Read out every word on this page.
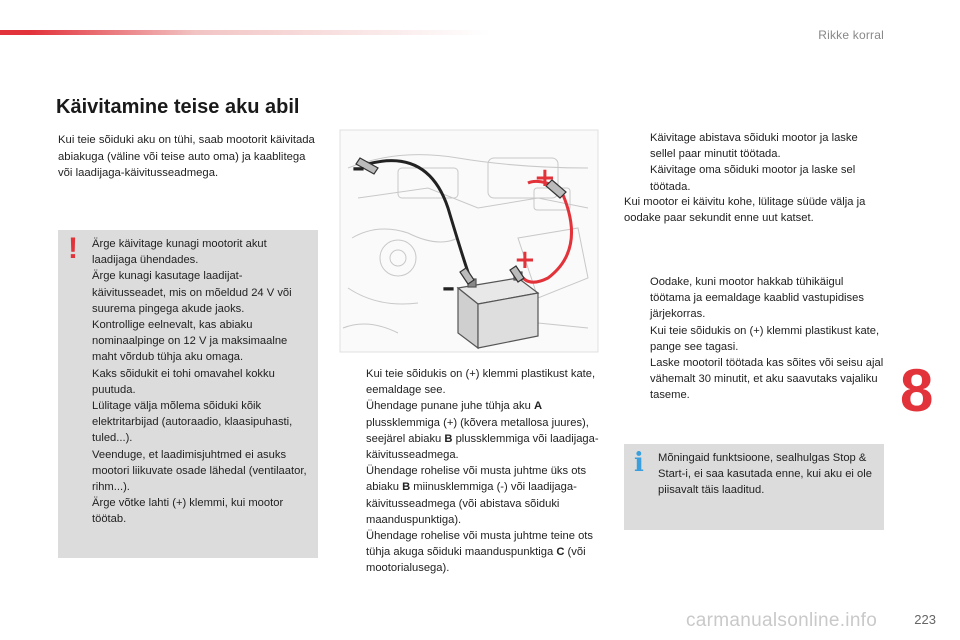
Rikke korral
Käivitamine teise aku abil
Kui teie sõiduki aku on tühi, saab mootorit käivitada abiakuga (väline või teise auto oma) ja kaablitega või laadijaga-käivitusseadmega.
! Ärge käivitage kunagi mootorit akut laadijaga ühendades.
Ärge kunagi kasutage laadijat-käivitusseadet, mis on mõeldud 24 V või suurema pingega akude jaoks.
Kontrollige eelnevalt, kas abiaku nominaalpinge on 12 V ja maksimaalne maht võrdub tühja aku omaga.
Kaks sõidukit ei tohi omavahel kokku puutuda.
Lülitage välja mõlema sõiduki kõik elektritarbijad (autoraadio, klaasipuhasti, tuled...).
Veenduge, et laadimisjuhtmed ei asuks mootori liikuvate osade lähedal (ventilaator, rihm...).
Ärge võtke lahti (+) klemmi, kui mootor töötab.
+
–
+
–
Kui teie sõidukis on (+) klemmi plastikust kate, eemaldage see.
Ühendage punane juhe tühja aku A plussklemmiga (+) (kõvera metallosa juures), seejärel abiaku B plussklemmiga või laadijaga-käivitusseadmega.
Ühendage rohelise või musta juhtme üks ots abiaku B miinusklemmiga (-) või laadijaga-käivitusseadmega (või abistava sõiduki maanduspunktiga).
Ühendage rohelise või musta juhtme teine ots tühja akuga sõiduki maanduspunktiga C (või mootorialusega).
Käivitage abistava sõiduki mootor ja laske sellel paar minutit töötada.
Käivitage oma sõiduki mootor ja laske sel töötada.
Kui mootor ei käivitu kohe, lülitage süüde välja ja oodake paar sekundit enne uut katset.
Oodake, kuni mootor hakkab tühikäigul töötama ja eemaldage kaablid vastupidises järjekorras.
Kui teie sõidukis on (+) klemmi plastikust kate, pange see tagasi.
Laske mootoril töötada kas sõites või seisu ajal vähemalt 30 minutit, et aku saavutaks vajaliku taseme.
i Mõningaid funktsioone, sealhulgas Stop & Start-i, ei saa kasutada enne, kui aku ei ole piisavalt täis laaditud.
8
carmanualsonline.info	223
